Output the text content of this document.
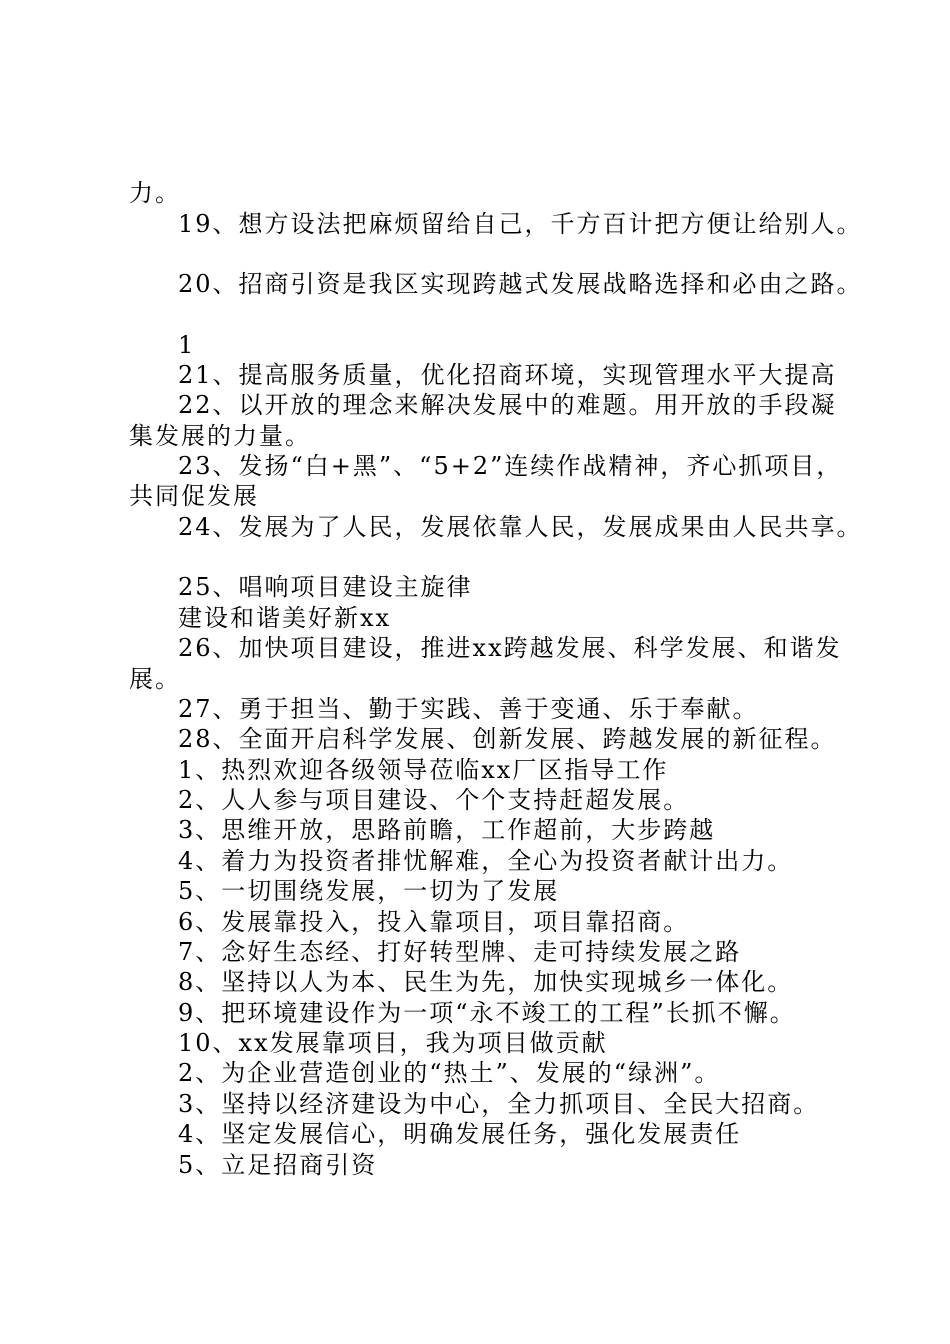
力。

19、想方设法把麻烦留给自己，千方百计把方便让给别人。

20、招商引资是我区实现跨越式发展战略选择和必由之路。

1

21、提高服务质量，优化招商环境，实现管理水平大提高

22、以开放的理念来解决发展中的难题。用开放的手段凝

集发展的力量。

23、发扬“白+黑”、“5+2”连续作战精神，齐心抓项目，

共同促发展

24、发展为了人民，发展依靠人民，发展成果由人民共享。

25、唱响项目建设主旋律

建设和谐美好新xx

26、加快项目建设，推进xx跨越发展、科学发展、和谐发

展。

27、勇于担当、勤于实践、善于变通、乐于奉献。

28、全面开启科学发展、创新发展、跨越发展的新征程。

1、热烈欢迎各级领导莅临xx厂区指导工作

2、人人参与项目建设、个个支持赶超发展。

3、思维开放，思路前瞻，工作超前，大步跨越

4、着力为投资者排忧解难，全心为投资者献计出力。

5、一切围绕发展，一切为了发展

6、发展靠投入，投入靠项目，项目靠招商。

7、念好生态经、打好转型牌、走可持续发展之路

8、坚持以人为本、民生为先，加快实现城乡一体化。

9、把环境建设作为一项“永不竣工的工程”长抓不懈。

10、xx发展靠项目，我为项目做贡献

2、为企业营造创业的“热土”、发展的“绿洲”。

3、坚持以经济建设为中心，全力抓项目、全民大招商。

4、坚定发展信心，明确发展任务，强化发展责任

5、立足招商引资
